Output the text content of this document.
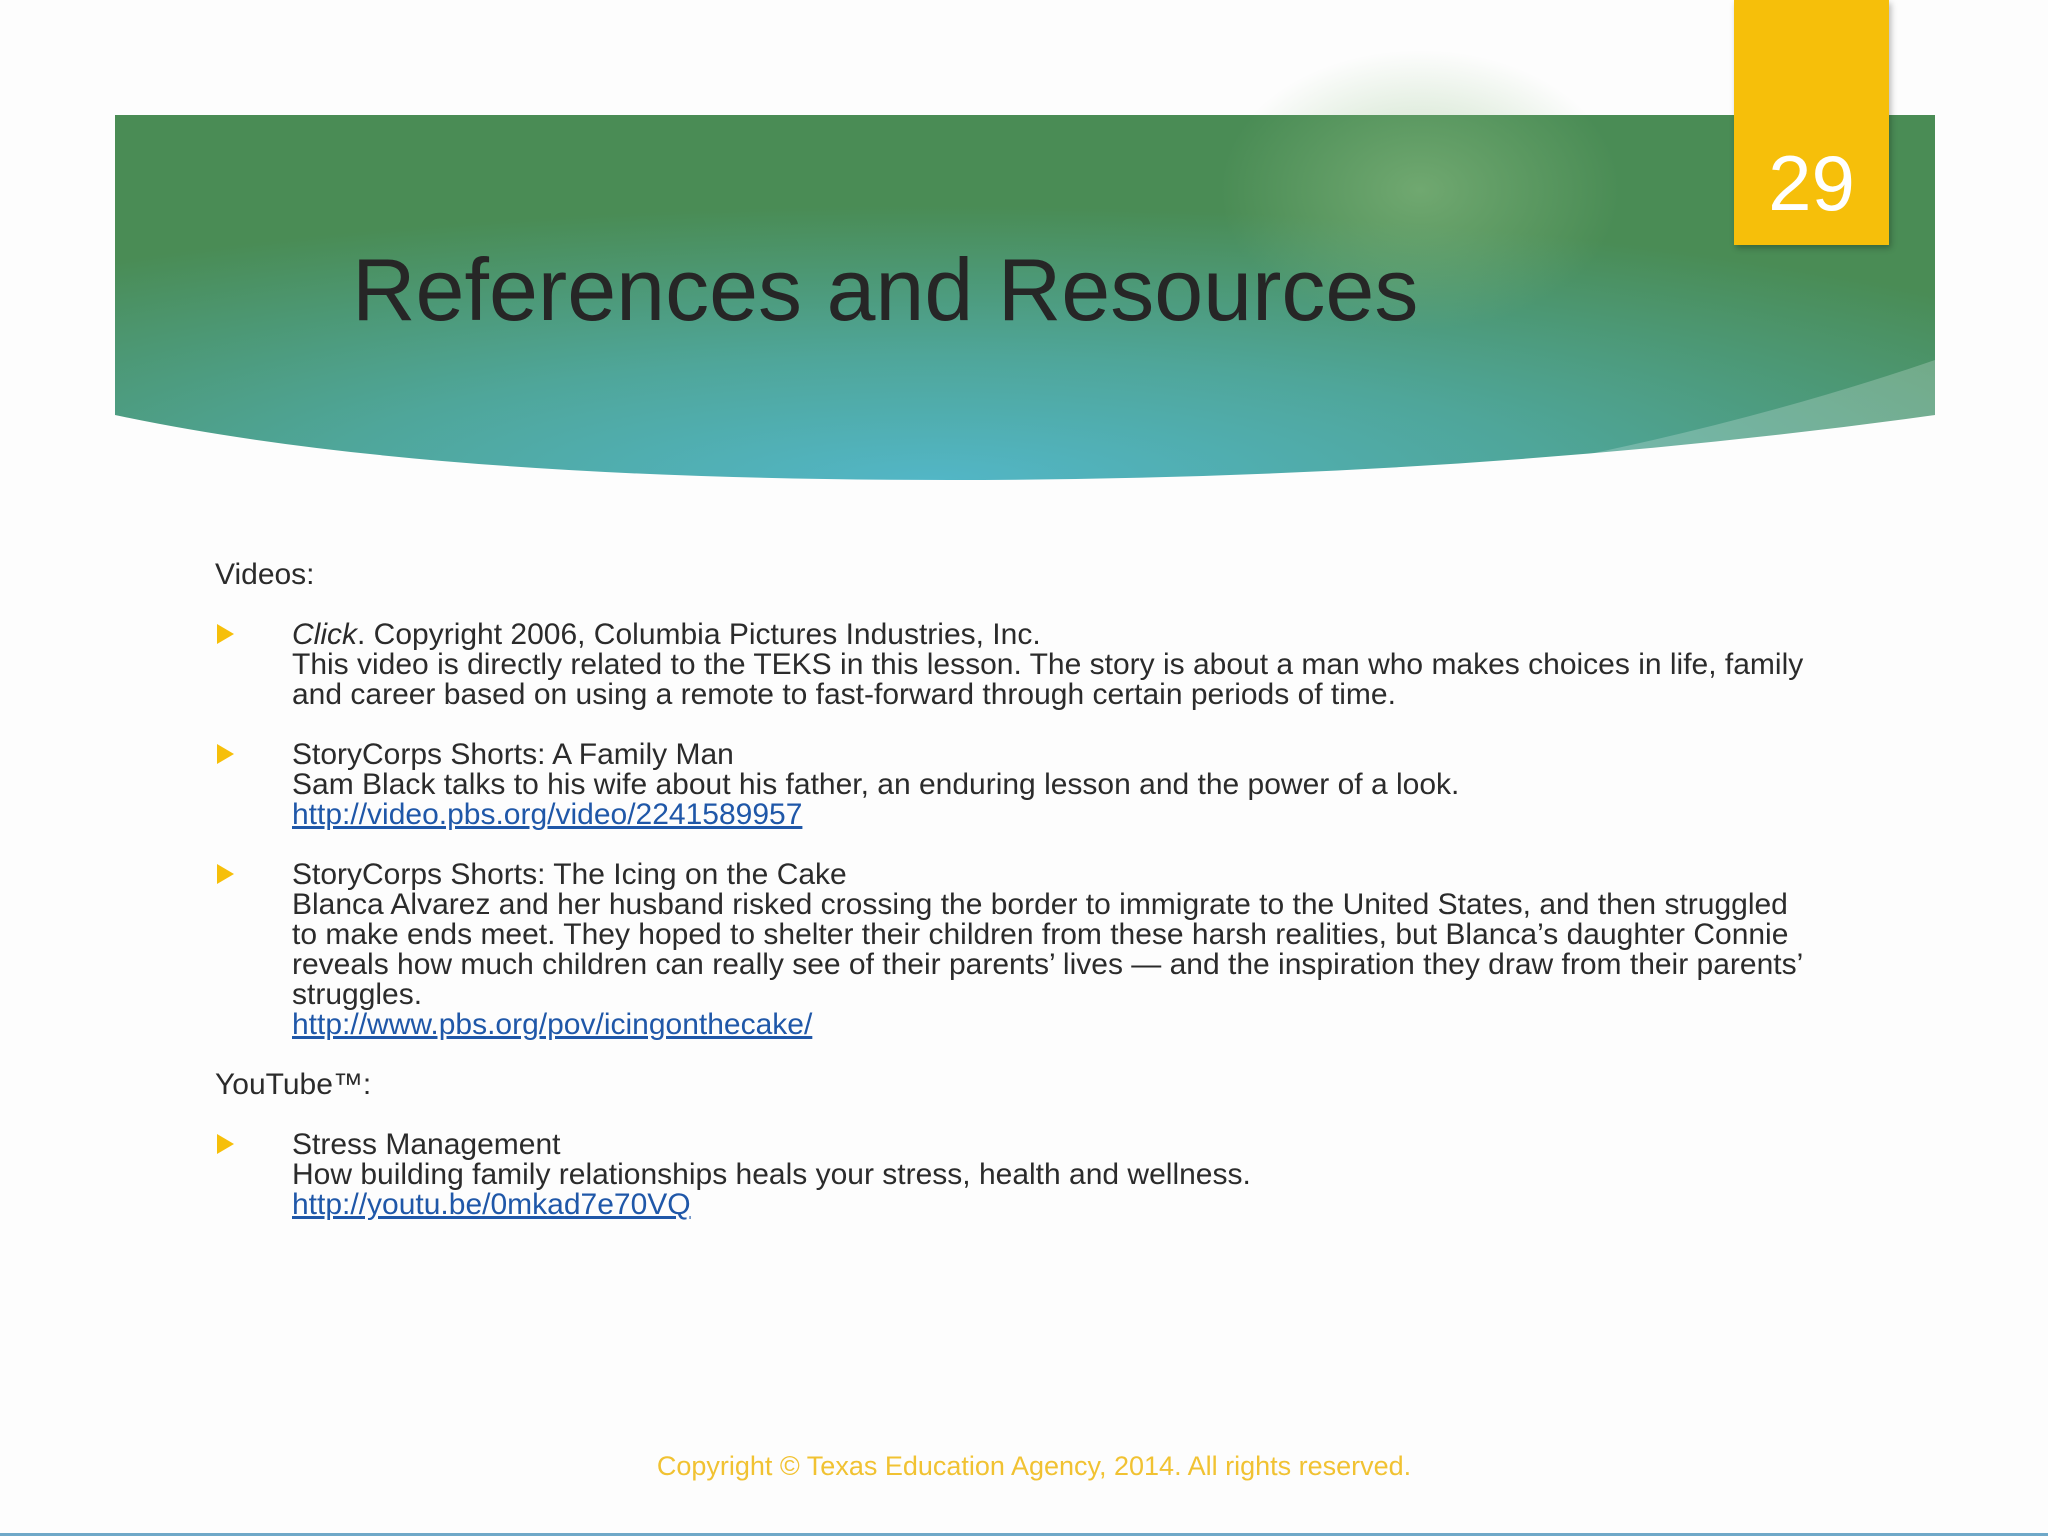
29
References and Resources

Videos:

Click. Copyright 2006, Columbia Pictures Industries, Inc.
This video is directly related to the TEKS in this lesson. The story is about a man who makes choices in life, family and career based on using a remote to fast-forward through certain periods of time.
StoryCorps Shorts: A Family Man
Sam Black talks to his wife about his father, an enduring lesson and the power of a look.
http://video.pbs.org/video/2241589957
StoryCorps Shorts: The Icing on the Cake
Blanca Alvarez and her husband risked crossing the border to immigrate to the United States, and then struggled to make ends meet. They hoped to shelter their children from these harsh realities, but Blanca’s daughter Connie reveals how much children can really see of their parents’ lives — and the inspiration they draw from their parents’ struggles.
http://www.pbs.org/pov/icingonthecake/

YouTube™:

Stress Management
How building family relationships heals your stress, health and wellness.
http://youtu.be/0mkad7e70VQ
Copyright © Texas Education Agency, 2014. All rights reserved.
